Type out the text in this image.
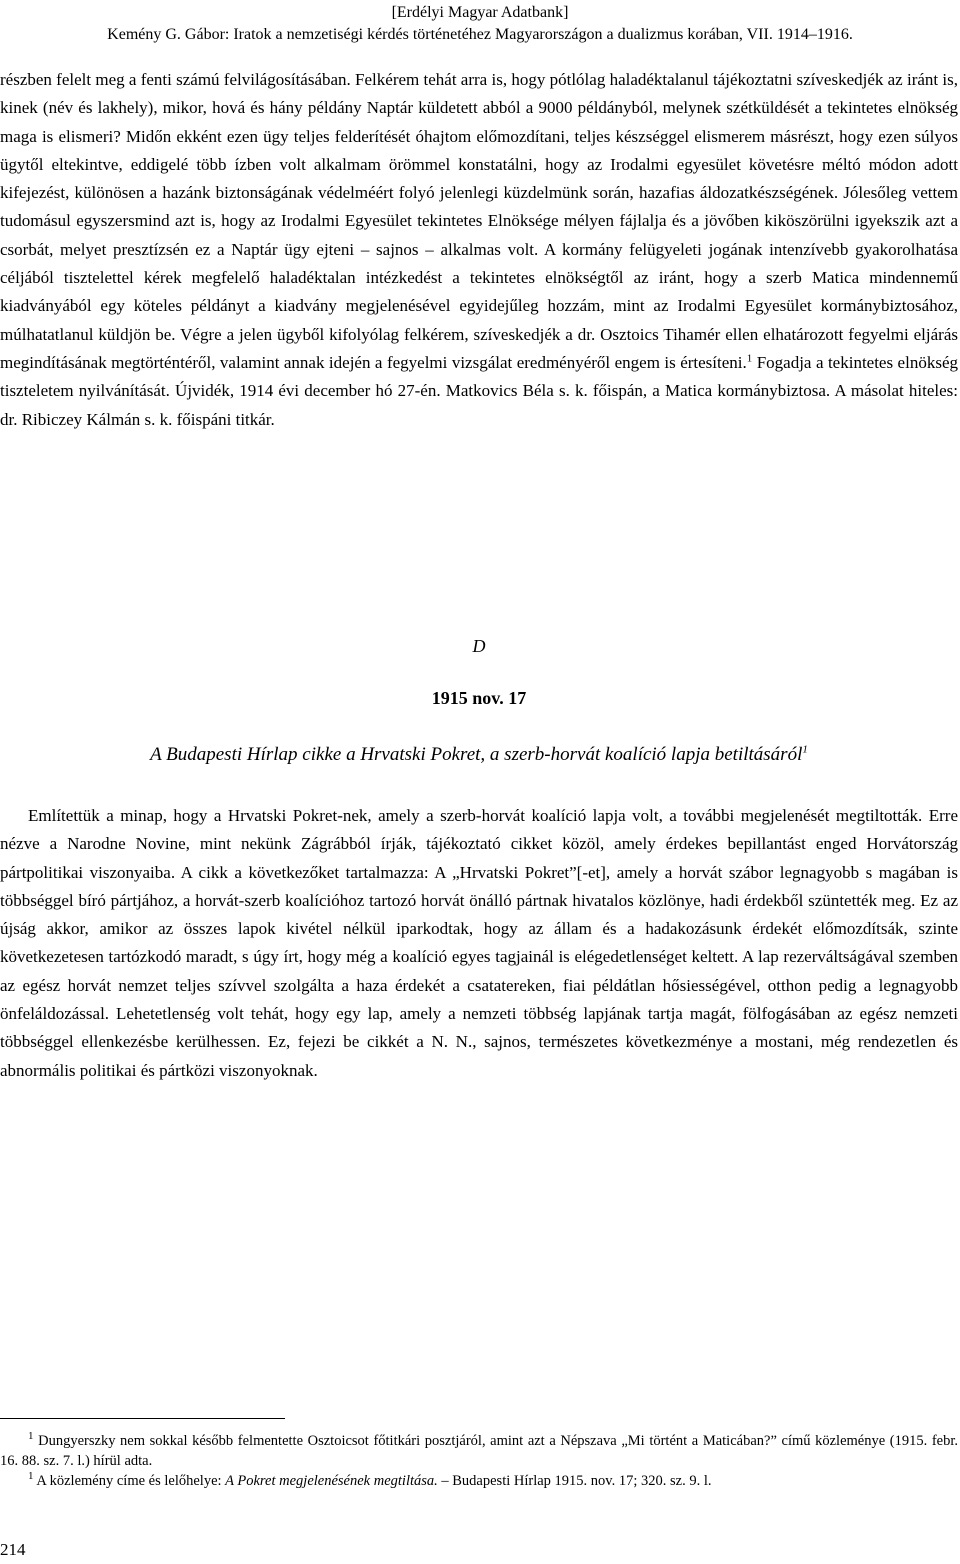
[Erdélyi Magyar Adatbank]
Kemény G. Gábor: Iratok a nemzetiségi kérdés történetéhez Magyarországon a dualizmus korában, VII. 1914–1916.

részben felelt meg a fenti számú felvilágosításában. Felkérem tehát arra is, hogy pótlólag haladéktalanul tájékoztatni szíveskedjék az iránt is, kinek (név és lakhely), mikor, hová és hány példány Naptár küldetett abból a 9000 példányból, melynek szétküldését a tekintetes elnökség maga is elismeri? Midőn ekként ezen ügy teljes felderítését óhajtom előmozdítani, teljes készséggel elismerem másrészt, hogy ezen súlyos ügytől eltekintve, eddigelé több ízben volt alkalmam örömmel konstatálni, hogy az Irodalmi egyesület követésre méltó módon adott kifejezést, különösen a hazánk biztonságának védelméért folyó jelenlegi küzdelmünk során, hazafias áldozatkészségének. Jólesőleg vettem tudomásul egyszersmind azt is, hogy az Irodalmi Egyesület tekintetes Elnöksége mélyen fájlalja és a jövőben kiköszörülni igyekszik azt a csorbát, melyet presztízsén ez a Naptár ügy ejteni – sajnos – alkalmas volt. A kormány felügyeleti jogának intenzívebb gyakorolhatása céljából tisztelettel kérek megfelelő haladéktalan intézkedést a tekintetes elnökségtől az iránt, hogy a szerb Matica mindennemű kiadványából egy köteles példányt a kiadvány megjelenésével egyidejűleg hozzám, mint az Irodalmi Egyesület kormánybiztosához, múlhatatlanul küldjön be. Végre a jelen ügyből kifolyólag felkérem, szíveskedjék a dr. Osztoics Tihamér ellen elhatározott fegyelmi eljárás megindításának megtörténtéről, valamint annak idején a fegyelmi vizsgálat eredményéről engem is értesíteni.$^1$ Fogadja a tekintetes elnökség tiszteletem nyilvánítását. Újvidék, 1914 évi december hó 27-én. Matkovics Béla s. k. főispán, a Matica kormánybiztosa. A másolat hiteles: dr. Ribiczey Kálmán s. k. főispáni titkár.

D
1915 nov. 17
A Budapesti Hírlap cikke a Hrvatski Pokret, a szerb-horvát koalíció lapja betiltásáról$^1$

Említettük a minap, hogy a Hrvatski Pokret-nek, amely a szerb-horvát koalíció lapja volt, a további megjelenését megtiltották. Erre nézve a Narodne Novine, mint nekünk Zágrábból írják, tájékoztató cikket közöl, amely érdekes bepillantást enged Horvátország pártpolitikai viszonyaiba. A cikk a következőket tartalmazza: A „Hrvatski Pokret”[-et], amely a horvát szábor legnagyobb s magában is többséggel bíró pártjához, a horvát-szerb koalícióhoz tartozó horvát önálló pártnak hivatalos közlönye, hadi érdekből szüntették meg. Ez az újság akkor, amikor az összes lapok kivétel nélkül iparkodtak, hogy az állam és a hadakozásunk érdekét előmozdítsák, szinte következetesen tartózkodó maradt, s úgy írt, hogy még a koalíció egyes tagjainál is elégedetlenséget keltett. A lap rezerváltságával szemben az egész horvát nemzet teljes szívvel szolgálta a haza érdekét a csatatereken, fiai példátlan hősiességével, otthon pedig a legnagyobb önfeláldozással. Lehetetlenség volt tehát, hogy egy lap, amely a nemzeti többség lapjának tartja magát, fölfogásában az egész nemzeti többséggel ellenkezésbe kerülhessen. Ez, fejezi be cikkét a N. N., sajnos, természetes következménye a mostani, még rendezetlen és abnormális politikai és pártközi viszonyoknak.

$^1$ Dungyerszky nem sokkal később felmentette Osztoicsot főtitkári posztjáról, amint azt a Népszava „Mi történt a Maticában?” című közleménye (1915. febr. 16. 88. sz. 7. l.) hírül adta.

$^1$ A közlemény címe és lelőhelye: A Pokret megjelenésének megtiltása. – Budapesti Hírlap 1915. nov. 17; 320. sz. 9. l.

214
